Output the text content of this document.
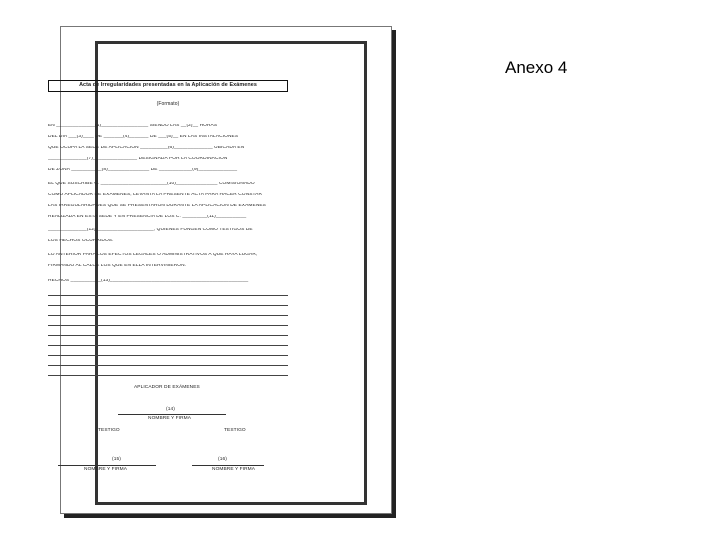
Anexo 4
Acta de Irregularidades presentadas en la Aplicación de Exámenes
(Formato)
EN ______________(1)_________________ SIENDO LAS __(2)__ HORAS
DEL DÍA ___(3)____ DE _______(4)_______ DE ___(5)__ EN LAS INSTALACIONES
QUE OCUPA LA SEDE DE APLICACIÓN __________(6)______________ UBICADA EN
______________(7)________________ DESIGNADA POR LA COORDINACIÓN
DE ZONA ___________(8)_______________ DE ____________(9)______________
EL QUE SUSCRIBE C. ________________________(10)_______________ COMISIONADO
COMO APLICADOR DE EXÁMENES, LEVANTA LA PRESENTE ACTA PARA HACER CONSTAR
LAS IRREGULARIDADES QUE SE PRESENTARON DURANTE LA APLICACIÓN DE EXÁMENES
REALIZADA EN ESTA SEDE Y EN PRESENCIA DE LOS C. _________(11)___________
______________(12)_____________________, QUIENES FUNGEN COMO TESTIGOS DE
LOS HECHOS OCURRIDOS.
LO ANTERIOR PARA LOS EFECTOS LEGALES O ADMINISTRATIVOS A QUE HAYA LUGAR,
FIRMANDO AL CALCE LOS QUE EN ELLA INTERVINIERON.
HECHOS ___________(13)__________________________________________________
APLICADOR DE EXÁMENES
(14)
NOMBRE Y FIRMA
TESTIGO	TESTIGO
(15)	(16)
NOMBRE Y FIRMA	NOMBRE Y FIRMA
